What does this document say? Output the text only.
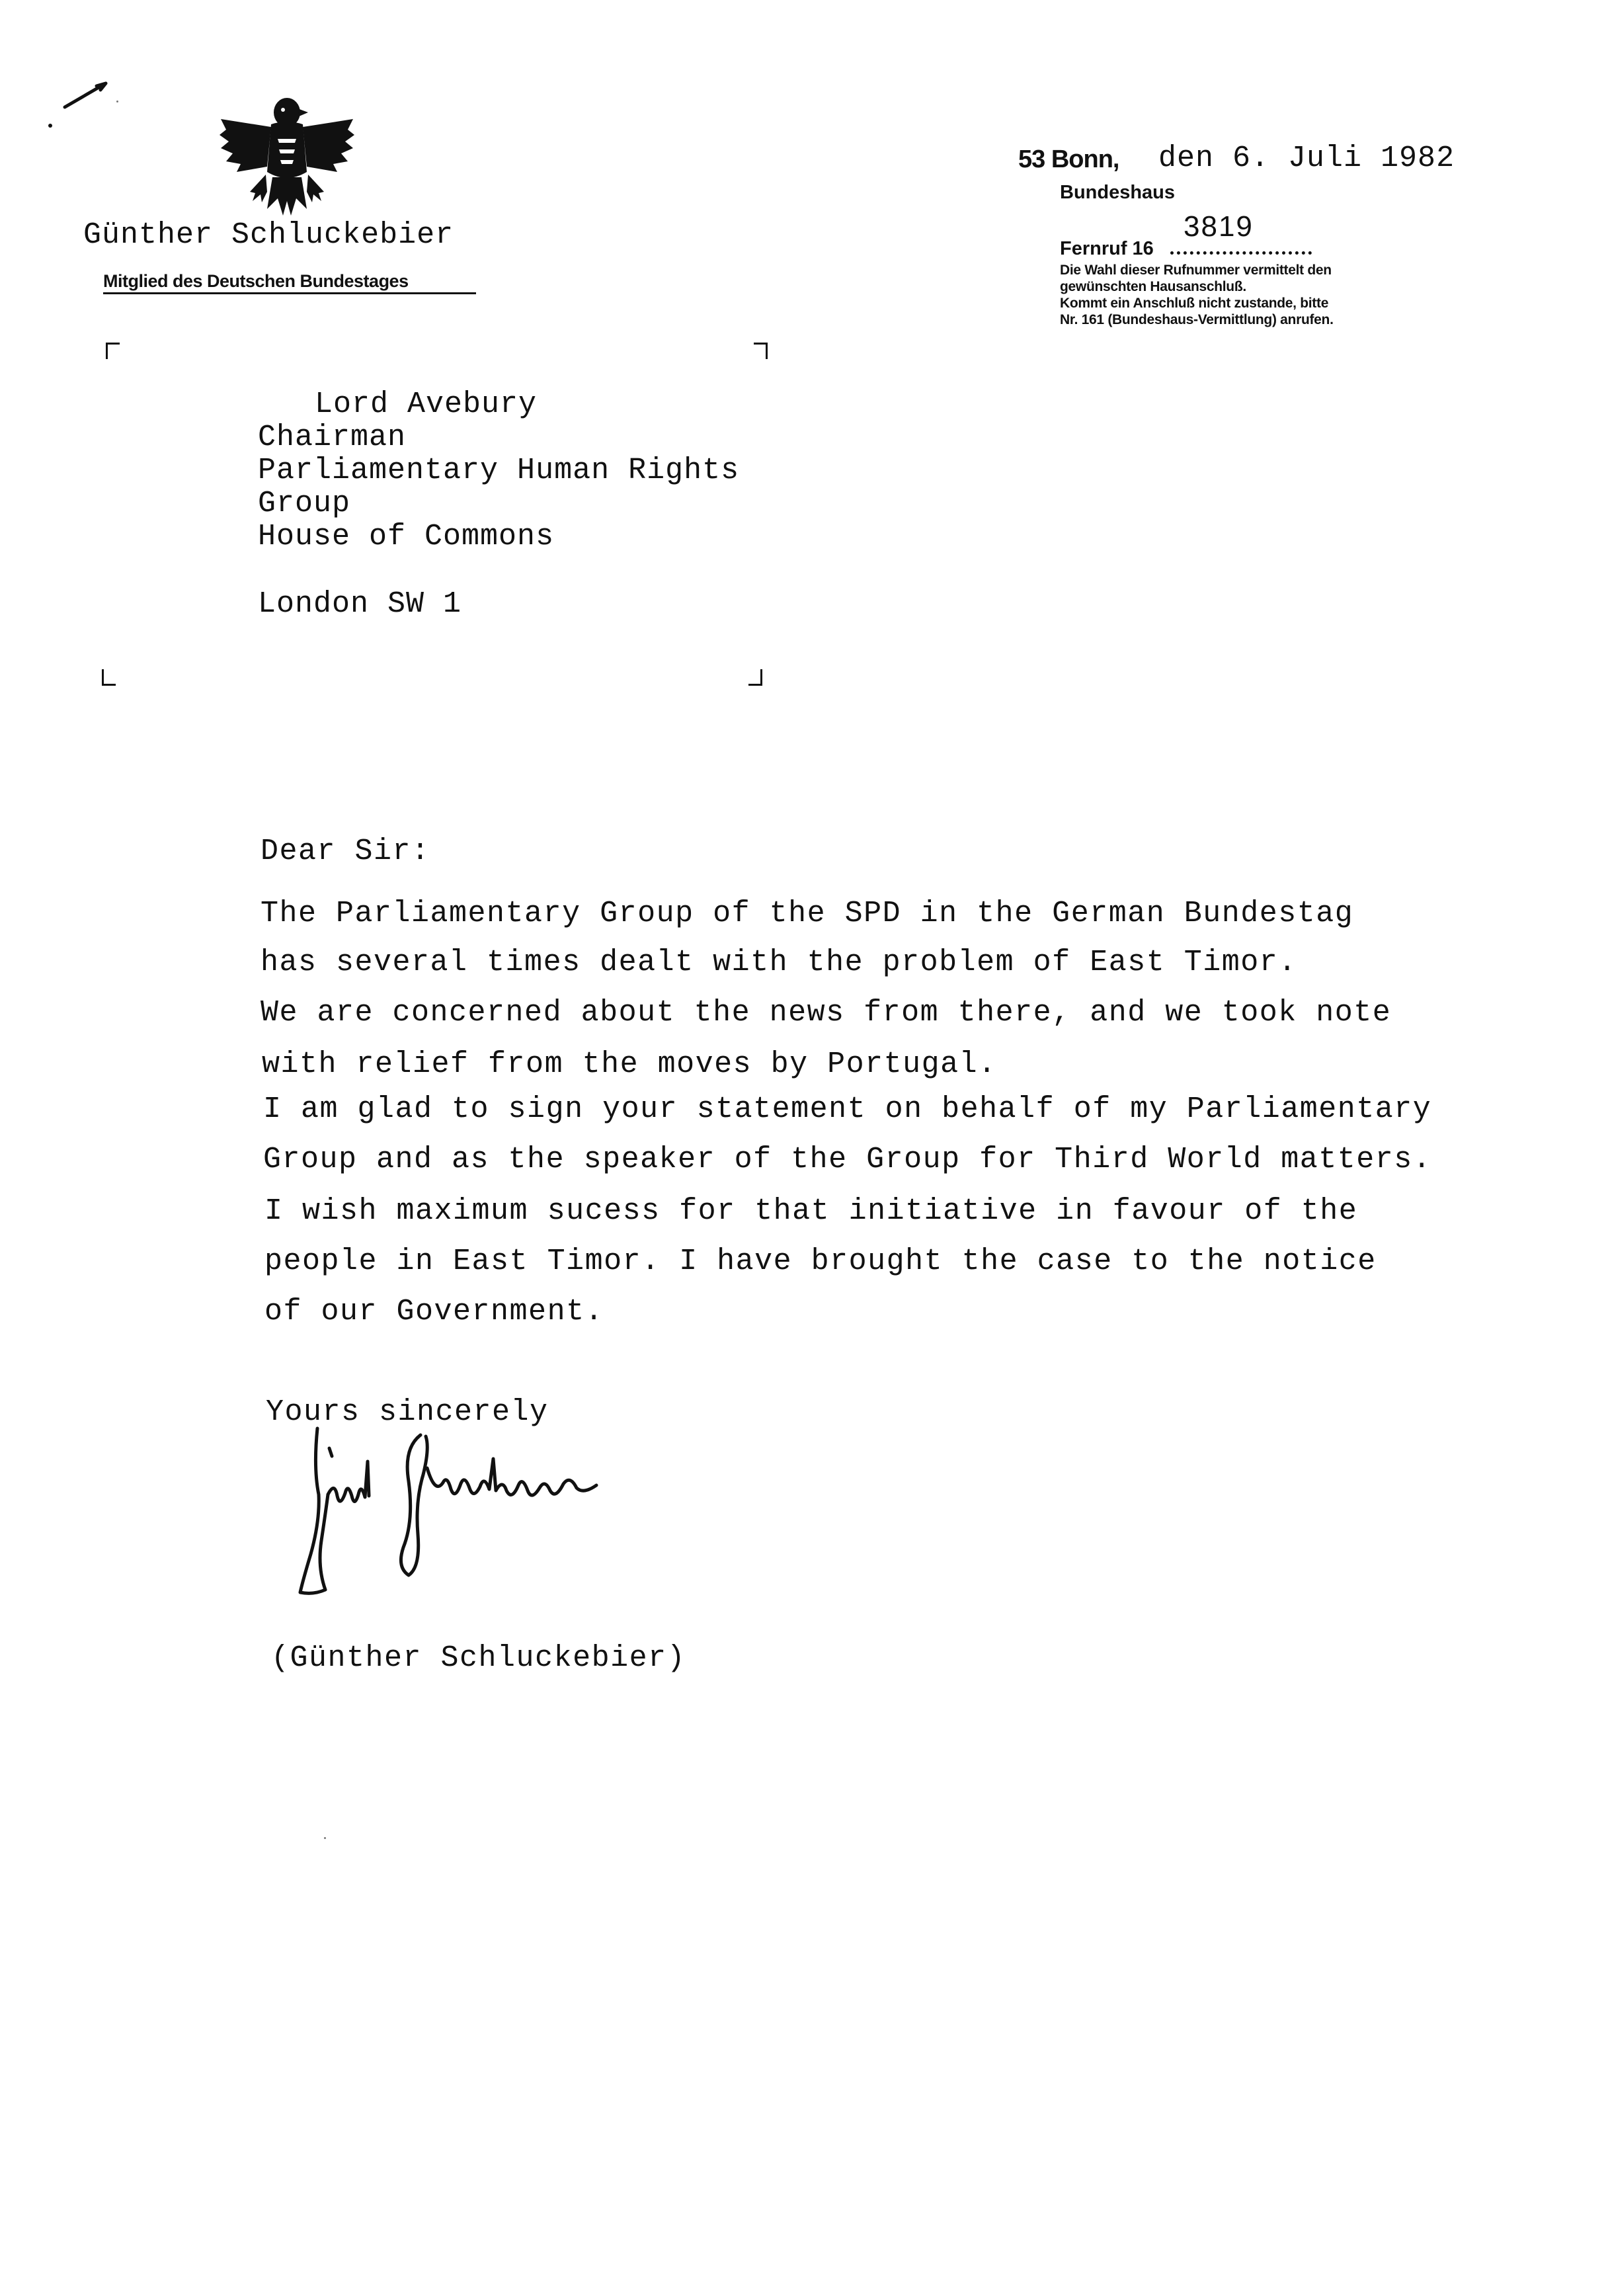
Günther Schluckebier
Mitglied des Deutschen Bundestages
53 Bonn, den 6. Juli 1982
Bundeshaus
Fernruf 16
3819
Die Wahl dieser Rufnummer vermittelt den
gewünschten Hausanschluß.
Kommt ein Anschluß nicht zustande, bitte
Nr. 161 (Bundeshaus-Vermittlung) anrufen.
Lord Avebury
Chairman
Parliamentary Human Rights
Group
House of Commons
London SW 1
Dear Sir:
The Parliamentary Group of the SPD in the German Bundestag
has several times dealt with the problem of East Timor.
We are concerned about the news from there, and we took note
with relief from the moves by Portugal.
I am glad to sign your statement on behalf of my Parliamentary
Group and as the speaker of the Group for Third World matters.
I wish maximum sucess for that initiative in favour of the
people in East Timor. I have brought the case to the notice
of our Government.
Yours sincerely
(Günther Schluckebier)
